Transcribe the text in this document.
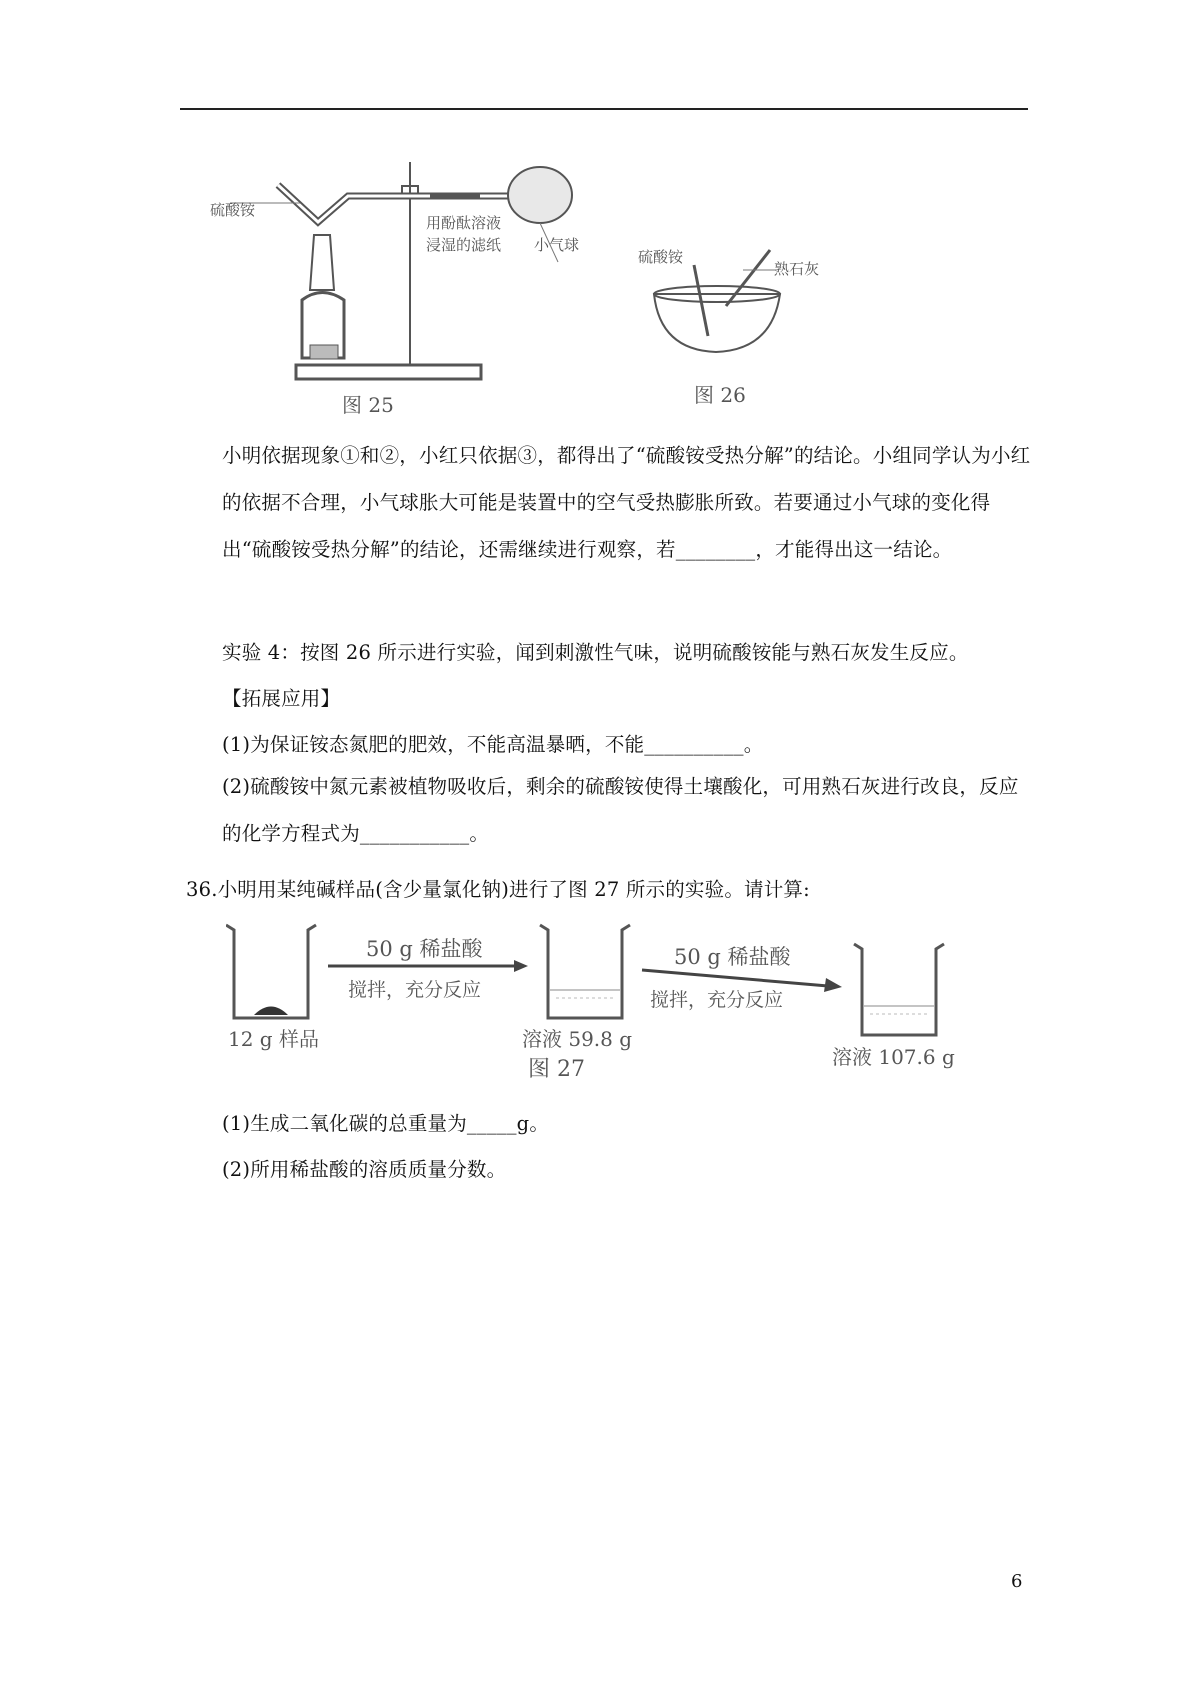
硫酸铵
用酚酞溶液
浸湿的滤纸 小气球
图 25
硫酸铵
熟石灰
图 26
小明依据现象①和②，小红只依据③，都得出了“硫酸铵受热分解”的结论。小组同学认为小红的依据不合理，小气球胀大可能是装置中的空气受热膨胀所致。若要通过小气球的变化得出“硫酸铵受热分解”的结论，还需继续进行观察，若________，才能得出这一结论。
实验 4：按图 26 所示进行实验，闻到刺激性气味，说明硫酸铵能与熟石灰发生反应。
【拓展应用】
(1)为保证铵态氮肥的肥效，不能高温暴晒，不能__________。
(2)硫酸铵中氮元素被植物吸收后，剩余的硫酸铵使得土壤酸化，可用熟石灰进行改良，反应的化学方程式为___________。
36.小明用某纯碱样品(含少量氯化钠)进行了图 27 所示的实验。请计算:
50 g 稀盐酸
搅拌，充分反应
50 g 稀盐酸
搅拌，充分反应
12 g 样品	溶液 59.8 g
图 27	溶液 107.6 g
(1)生成二氧化碳的总重量为_____g。
(2)所用稀盐酸的溶质质量分数。
6
